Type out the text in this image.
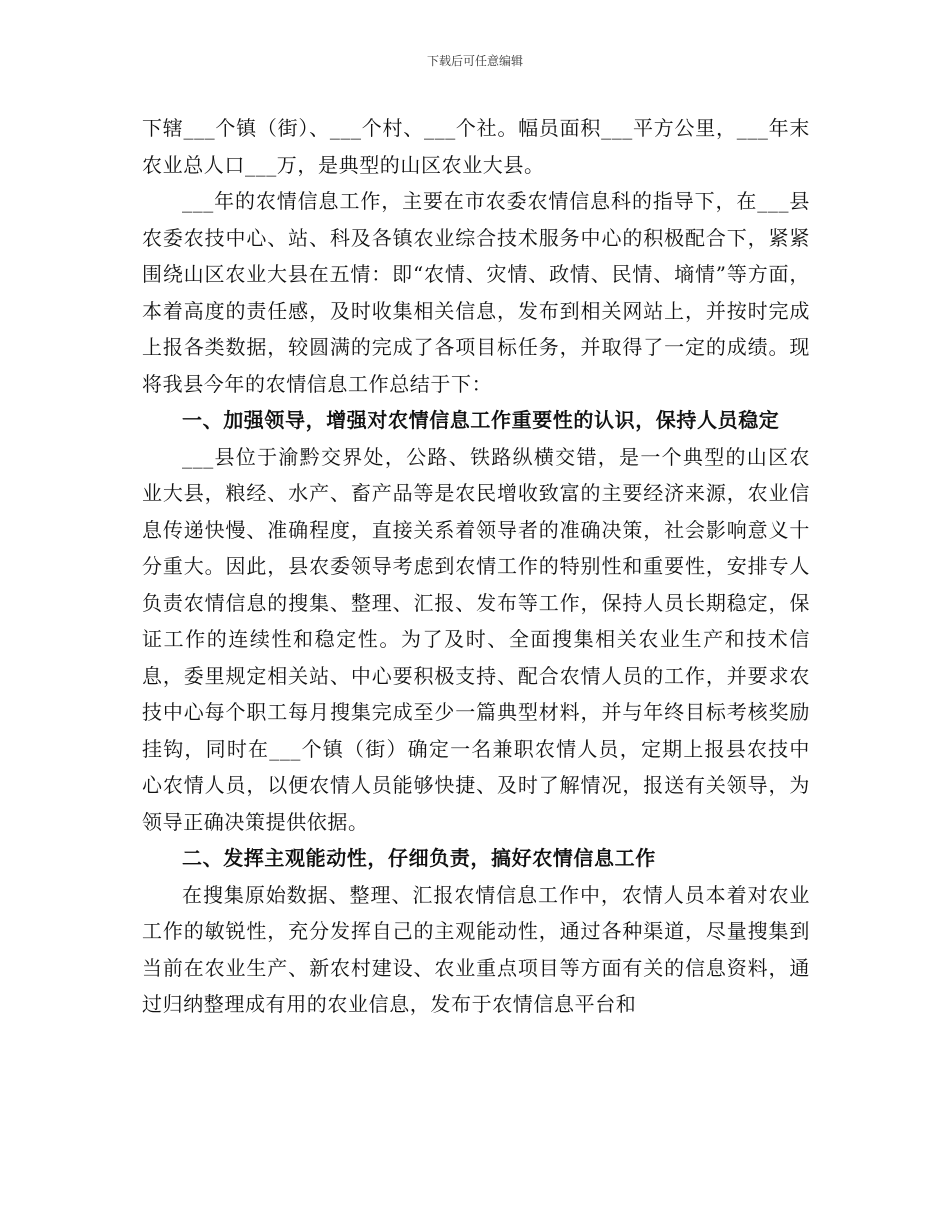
下载后可任意编辑

下辖___个镇（街）、___个村、___个社。幅员面积___平方公里，___年末农业总人口___万，是典型的山区农业大县。

___年的农情信息工作，主要在市农委农情信息科的指导下，在___县农委农技中心、站、科及各镇农业综合技术服务中心的积极配合下，紧紧围绕山区农业大县在五情：即“农情、灾情、政情、民情、墒情”等方面，本着高度的责任感，及时收集相关信息，发布到相关网站上，并按时完成上报各类数据，较圆满的完成了各项目标任务，并取得了一定的成绩。现将我县今年的农情信息工作总结于下：

一、加强领导，增强对农情信息工作重要性的认识，保持人员稳定

___县位于渝黔交界处，公路、铁路纵横交错，是一个典型的山区农业大县，粮经、水产、畜产品等是农民增收致富的主要经济来源，农业信息传递快慢、准确程度，直接关系着领导者的准确决策，社会影响意义十分重大。因此，县农委领导考虑到农情工作的特别性和重要性，安排专人负责农情信息的搜集、整理、汇报、发布等工作，保持人员长期稳定，保证工作的连续性和稳定性。为了及时、全面搜集相关农业生产和技术信息，委里规定相关站、中心要积极支持、配合农情人员的工作，并要求农技中心每个职工每月搜集完成至少一篇典型材料，并与年终目标考核奖励挂钩，同时在___个镇（街）确定一名兼职农情人员，定期上报县农技中心农情人员，以便农情人员能够快捷、及时了解情况，报送有关领导，为领导正确决策提供依据。

二、发挥主观能动性，仔细负责，搞好农情信息工作

在搜集原始数据、整理、汇报农情信息工作中，农情人员本着对农业工作的敏锐性，充分发挥自己的主观能动性，通过各种渠道，尽量搜集到当前在农业生产、新农村建设、农业重点项目等方面有关的信息资料，通过归纳整理成有用的农业信息，发布于农情信息平台和
